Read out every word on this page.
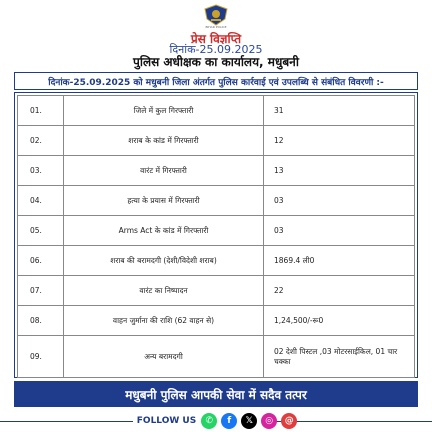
BIHAR POLICE
प्रेस विज्ञप्ति
दिनांक-25.09.2025
पुलिस अधीक्षक का कार्यालय, मधुबनी
दिनांक-25.09.2025 को मधुबनी जिला अंतर्गत पुलिस कार्रवाई एवं उपलब्धि से संबंधित विवरणी :-
01.	जिले में कुल गिरफ्तारी	31
02.	शराब के कांड में गिरफ्तारी	12
03.	वारंट में गिरफ्तारी	13
04.	हत्या के प्रयास में गिरफ्तारी	03
05.	Arms Act के कांड में गिरफ्तारी	03
06.	शराब की बरामदगी (देशी/विदेशी शराब)	1869.4 ली0
07.	वारंट का निष्पादन	22
08.	वाहन जुर्माना की राशि (62 वाहन से)	1,24,500/-रू0
09.	अन्य बरामदगी	02 देशी पिस्टल ,03 मोटरसाईकिल, 01 चार चक्का
मधुबनी पुलिस आपकी सेवा में सदैव तत्पर
FOLLOW US	✆	f	𝕏	◎	@
